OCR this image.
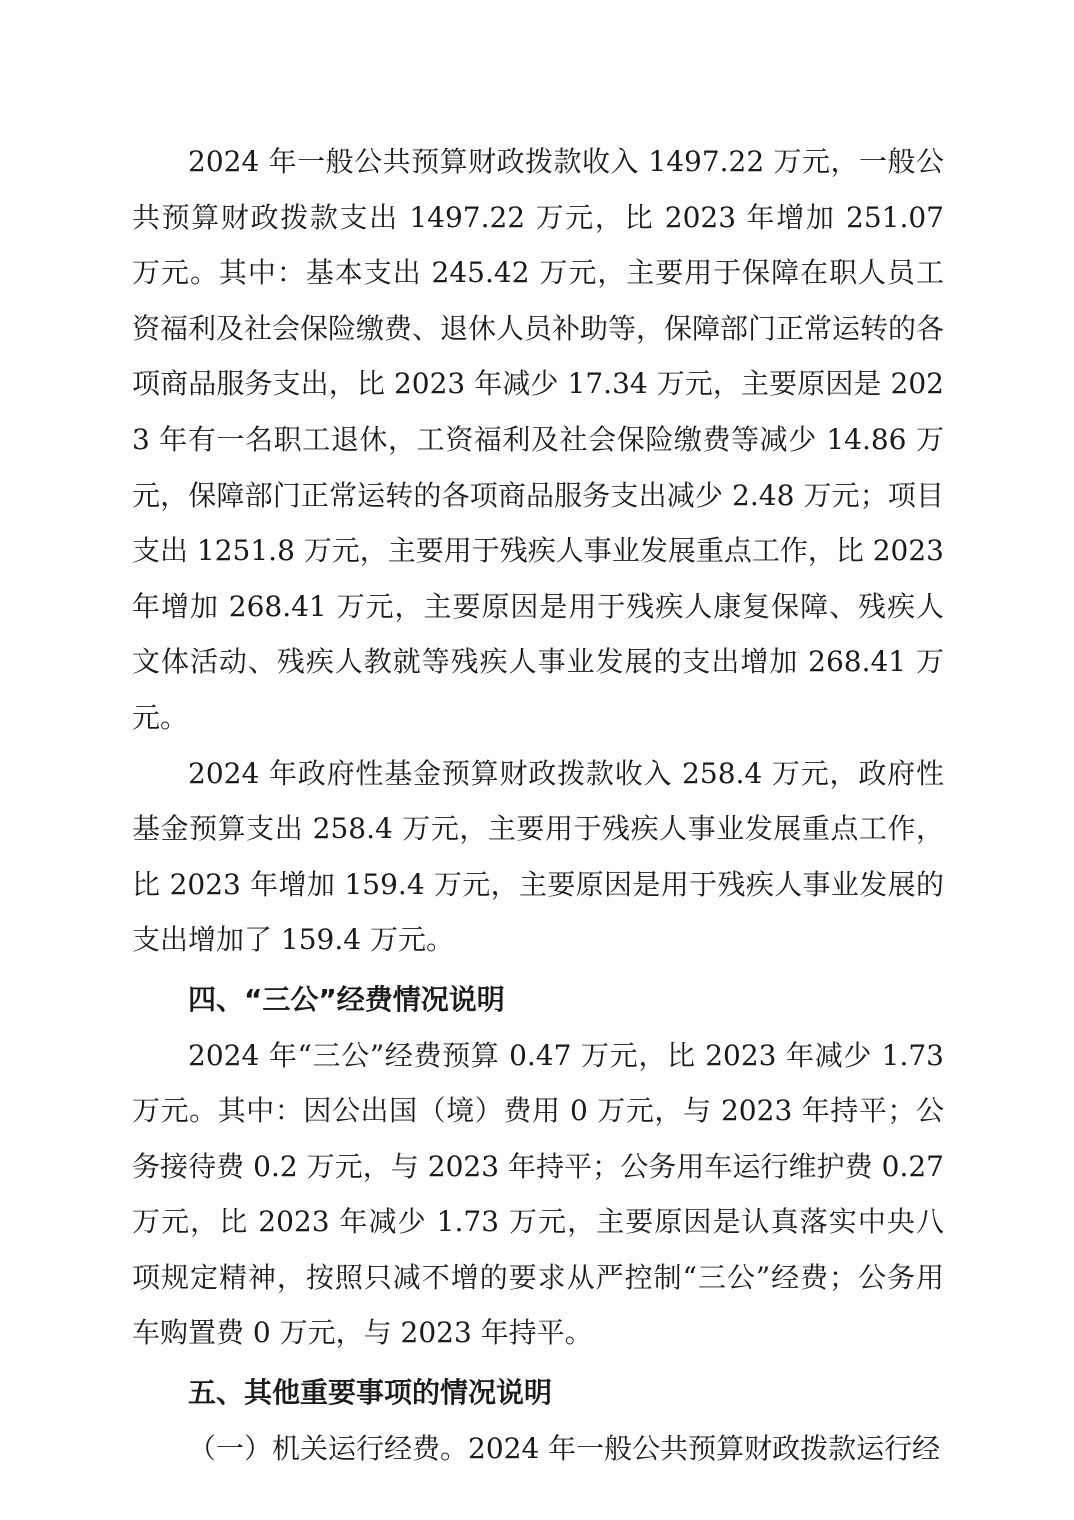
2024 年一般公共预算财政拨款收入 1497.22 万元，一般公共预算财政拨款支出 1497.22 万元，比 2023 年增加 251.07 万元。其中：基本支出 245.42 万元，主要用于保障在职人员工资福利及社会保险缴费、退休人员补助等，保障部门正常运转的各项商品服务支出，比 2023 年减少 17.34 万元，主要原因是 2023 年有一名职工退休，工资福利及社会保险缴费等减少 14.86 万元，保障部门正常运转的各项商品服务支出减少 2.48 万元；项目支出 1251.8 万元，主要用于残疾人事业发展重点工作，比 2023 年增加 268.41 万元，主要原因是用于残疾人康复保障、残疾人文体活动、残疾人教就等残疾人事业发展的支出增加 268.41 万元。

2024 年政府性基金预算财政拨款收入 258.4 万元，政府性基金预算支出 258.4 万元，主要用于残疾人事业发展重点工作，比 2023 年增加 159.4 万元，主要原因是用于残疾人事业发展的支出增加了 159.4 万元。

四、“三公”经费情况说明

2024 年“三公”经费预算 0.47 万元，比 2023 年减少 1.73 万元。其中：因公出国（境）费用 0 万元，与 2023 年持平；公务接待费 0.2 万元，与 2023 年持平；公务用车运行维护费 0.27 万元，比 2023 年减少 1.73 万元，主要原因是认真落实中央八项规定精神，按照只减不增的要求从严控制“三公”经费；公务用车购置费 0 万元，与 2023 年持平。

五、其他重要事项的情况说明

（一）机关运行经费。2024 年一般公共预算财政拨款运行经
